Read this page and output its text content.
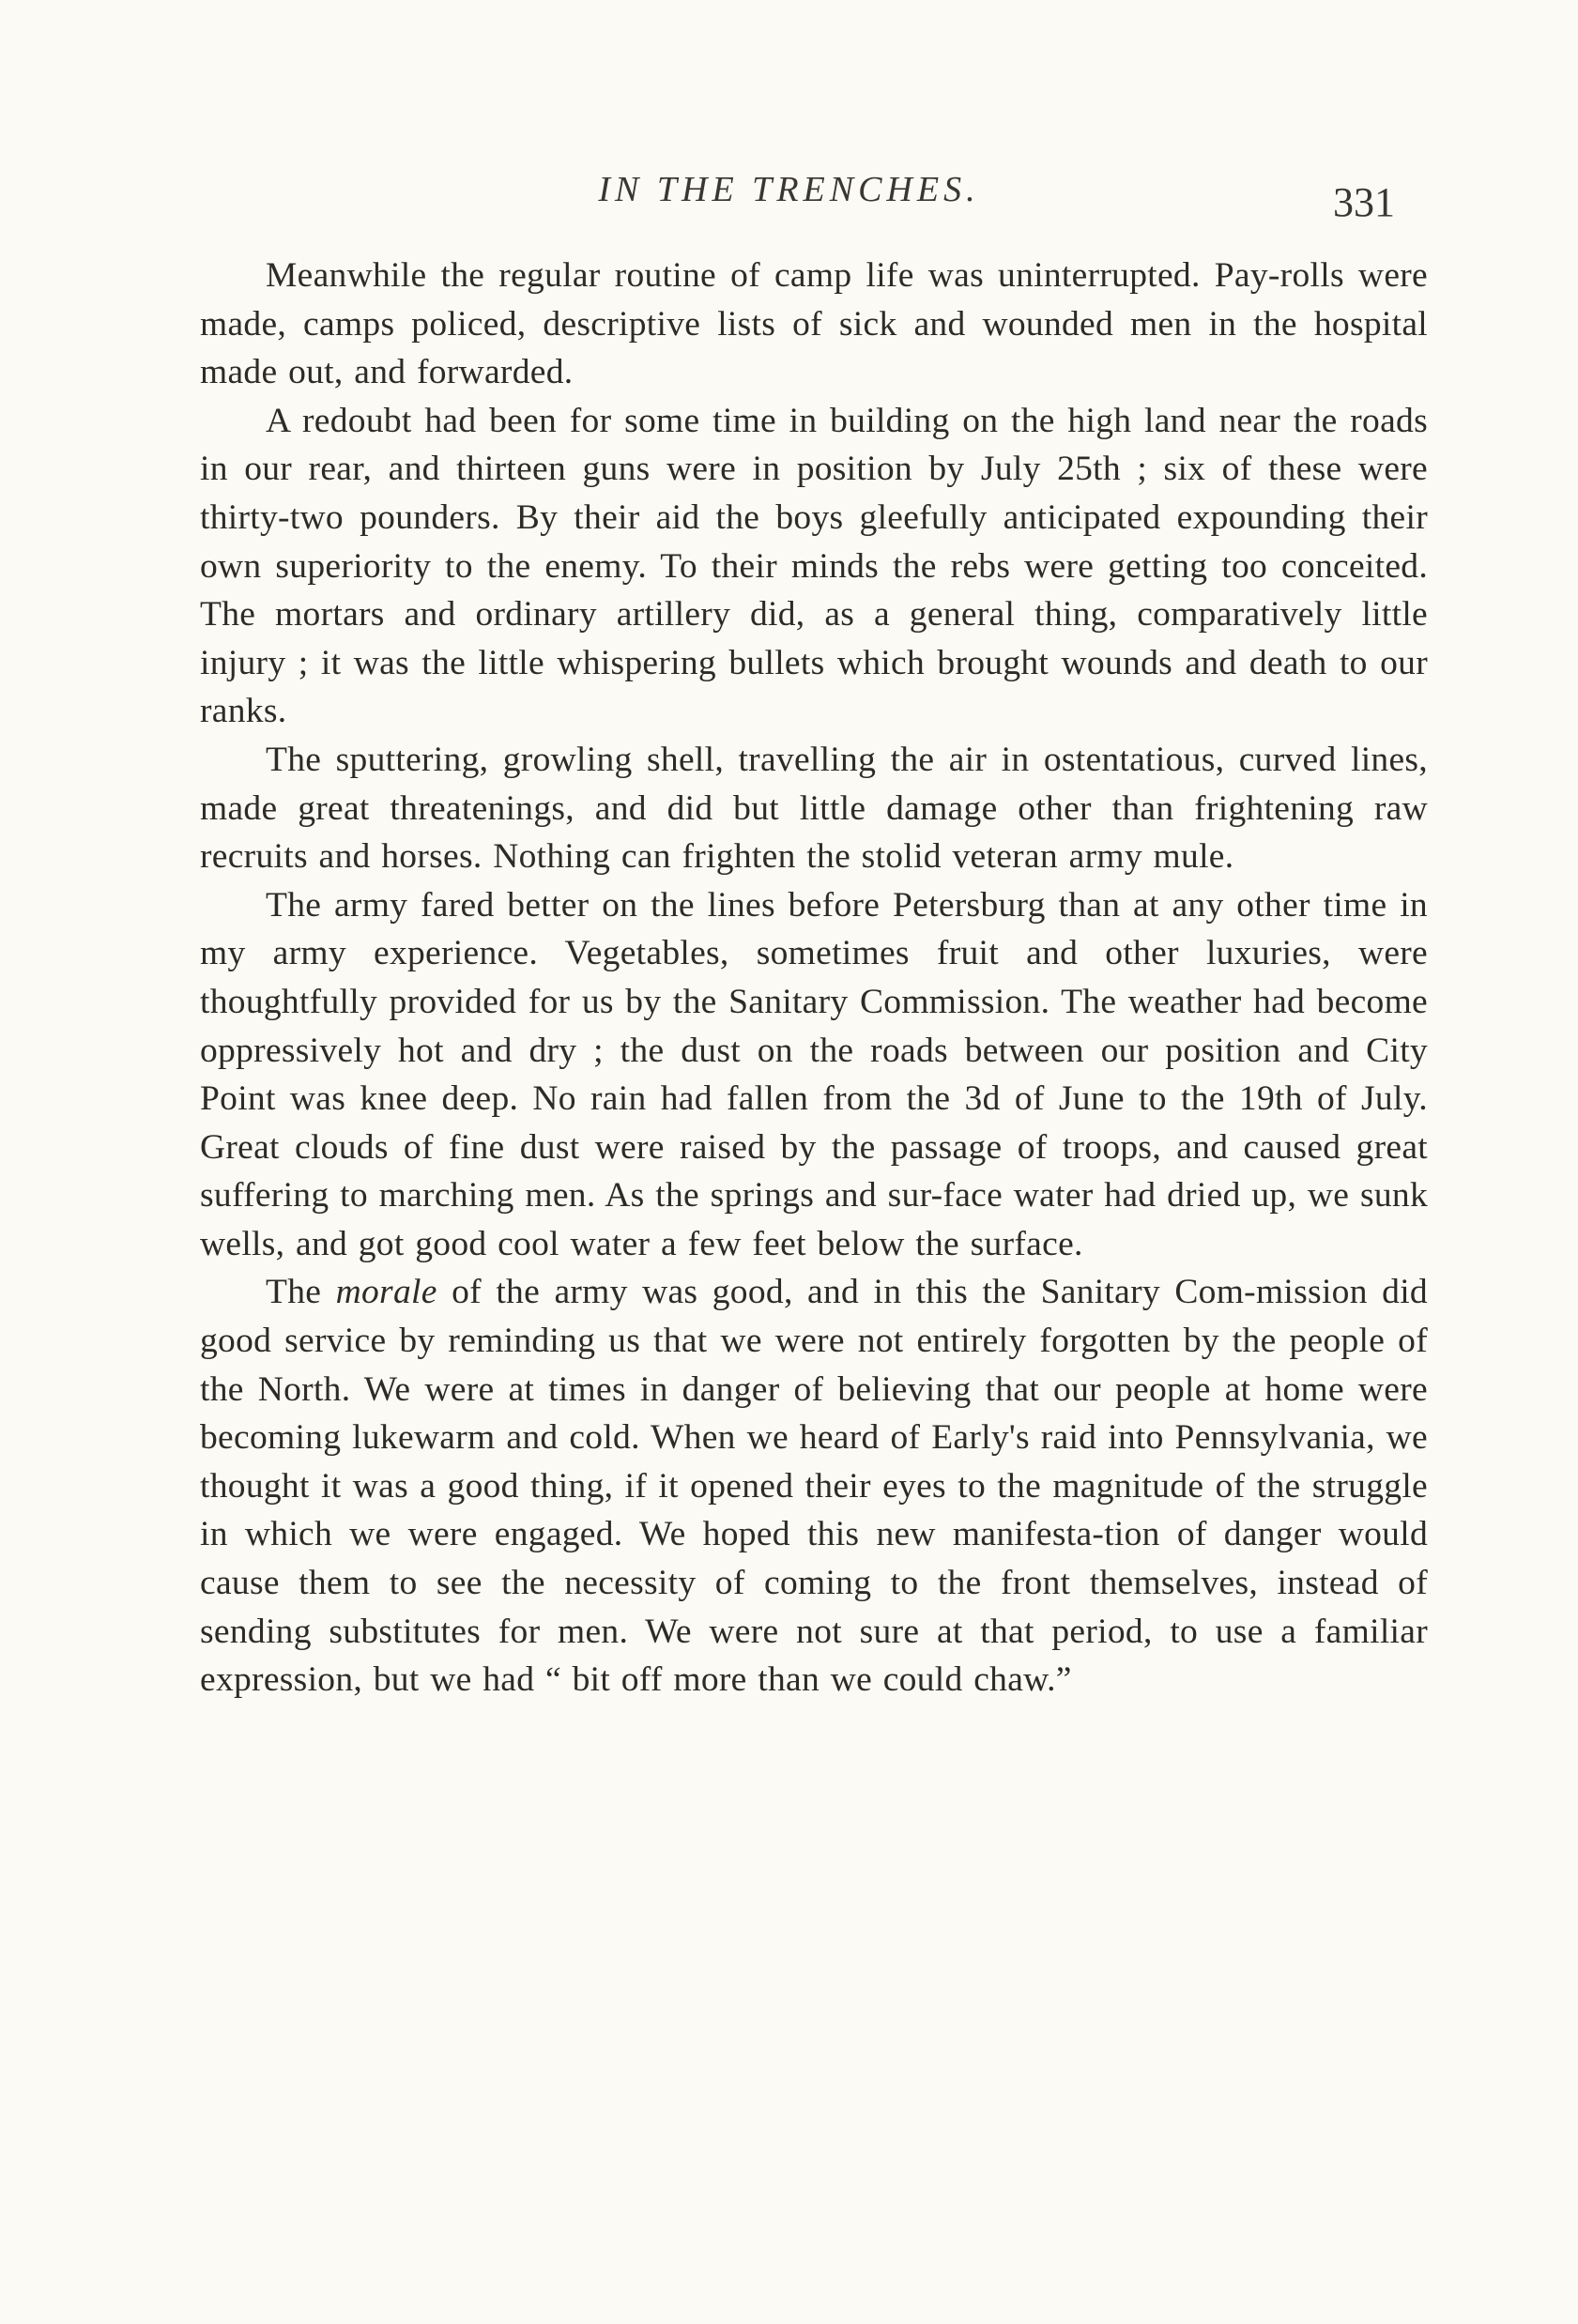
IN THE TRENCHES.	331

Meanwhile the regular routine of camp life was uninterrupted. Pay-rolls were made, camps policed, descriptive lists of sick and wounded men in the hospital made out, and forwarded.

A redoubt had been for some time in building on the high land near the roads in our rear, and thirteen guns were in position by July 25th ; six of these were thirty-two pounders. By their aid the boys gleefully anticipated expounding their own superiority to the enemy. To their minds the rebs were getting too conceited. The mortars and ordinary artillery did, as a general thing, comparatively little injury ; it was the little whispering bullets which brought wounds and death to our ranks.

The sputtering, growling shell, travelling the air in ostentatious, curved lines, made great threatenings, and did but little damage other than frightening raw recruits and horses. Nothing can frighten the stolid veteran army mule.

The army fared better on the lines before Petersburg than at any other time in my army experience. Vegetables, sometimes fruit and other luxuries, were thoughtfully provided for us by the Sanitary Commission. The weather had become oppressively hot and dry ; the dust on the roads between our position and City Point was knee deep. No rain had fallen from the 3d of June to the 19th of July. Great clouds of fine dust were raised by the passage of troops, and caused great suffering to marching men. As the springs and sur-face water had dried up, we sunk wells, and got good cool water a few feet below the surface.

The morale of the army was good, and in this the Sanitary Com-mission did good service by reminding us that we were not entirely forgotten by the people of the North. We were at times in danger of believing that our people at home were becoming lukewarm and cold. When we heard of Early's raid into Pennsylvania, we thought it was a good thing, if it opened their eyes to the magnitude of the struggle in which we were engaged. We hoped this new manifesta-tion of danger would cause them to see the necessity of coming to the front themselves, instead of sending substitutes for men. We were not sure at that period, to use a familiar expression, but we had “ bit off more than we could chaw.”
